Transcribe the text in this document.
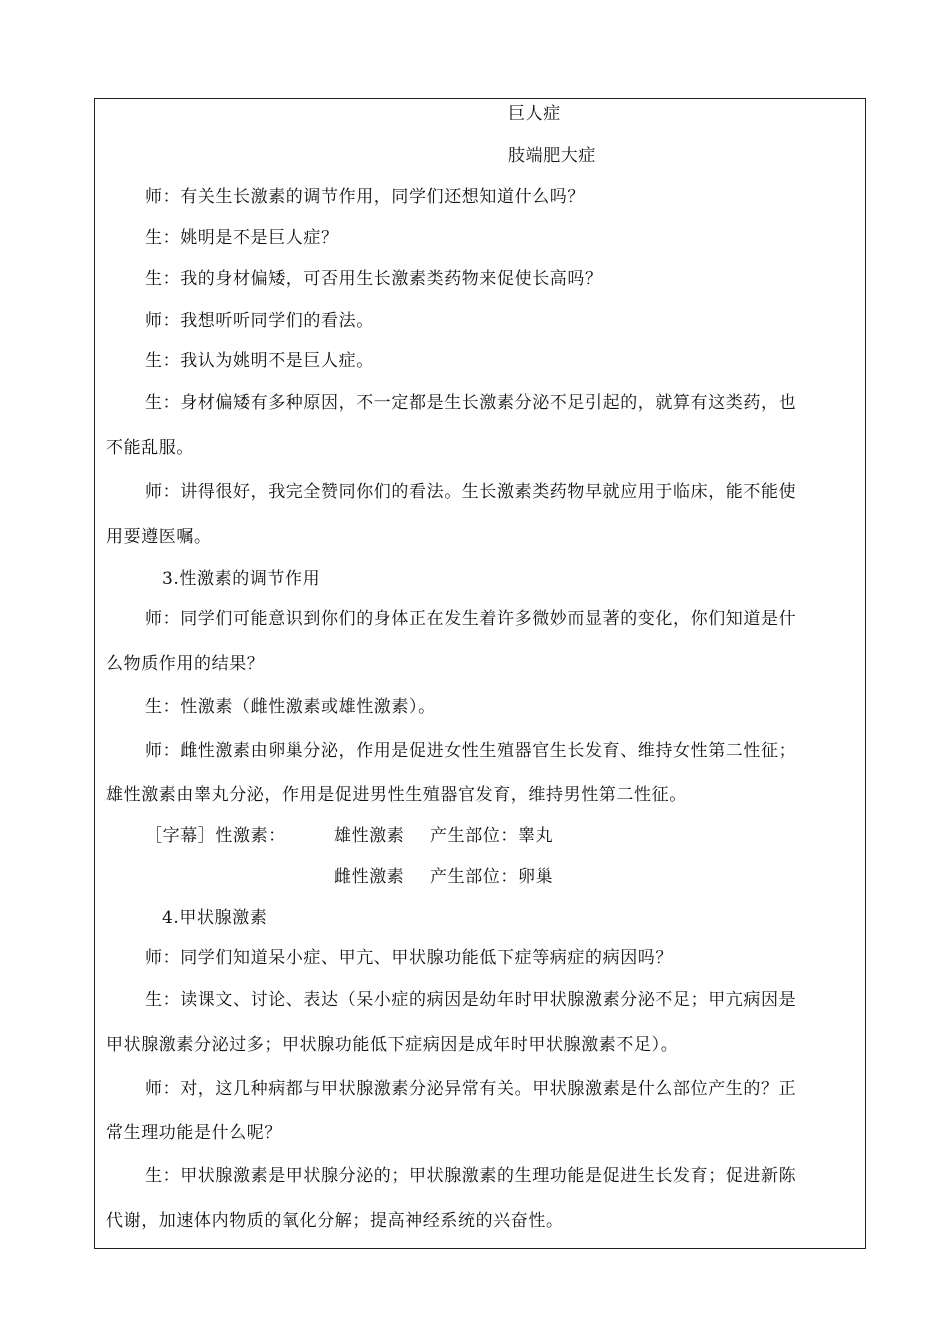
巨人症
肢端肥大症
师：有关生长激素的调节作用，同学们还想知道什么吗？
生：姚明是不是巨人症？
生：我的身材偏矮，可否用生长激素类药物来促使长高吗？
师：我想听听同学们的看法。
生：我认为姚明不是巨人症。
生：身材偏矮有多种原因，不一定都是生长激素分泌不足引起的，就算有这类药，也
不能乱服。
师：讲得很好，我完全赞同你们的看法。生长激素类药物早就应用于临床，能不能使
用要遵医嘱。
3.性激素的调节作用
师：同学们可能意识到你们的身体正在发生着许多微妙而显著的变化，你们知道是什
么物质作用的结果？
生：性激素（雌性激素或雄性激素）。
师：雌性激素由卵巢分泌，作用是促进女性生殖器官生长发育、维持女性第二性征；
雄性激素由睾丸分泌，作用是促进男性生殖器官发育，维持男性第二性征。
［字幕］性激素：	雄性激素 产生部位：睾丸
雌性激素 产生部位：卵巢
4.甲状腺激素
师：同学们知道呆小症、甲亢、甲状腺功能低下症等病症的病因吗？
生：读课文、讨论、表达（呆小症的病因是幼年时甲状腺激素分泌不足；甲亢病因是
甲状腺激素分泌过多；甲状腺功能低下症病因是成年时甲状腺激素不足）。
师：对，这几种病都与甲状腺激素分泌异常有关。甲状腺激素是什么部位产生的？正
常生理功能是什么呢？
生：甲状腺激素是甲状腺分泌的；甲状腺激素的生理功能是促进生长发育；促进新陈
代谢，加速体内物质的氧化分解；提高神经系统的兴奋性。
